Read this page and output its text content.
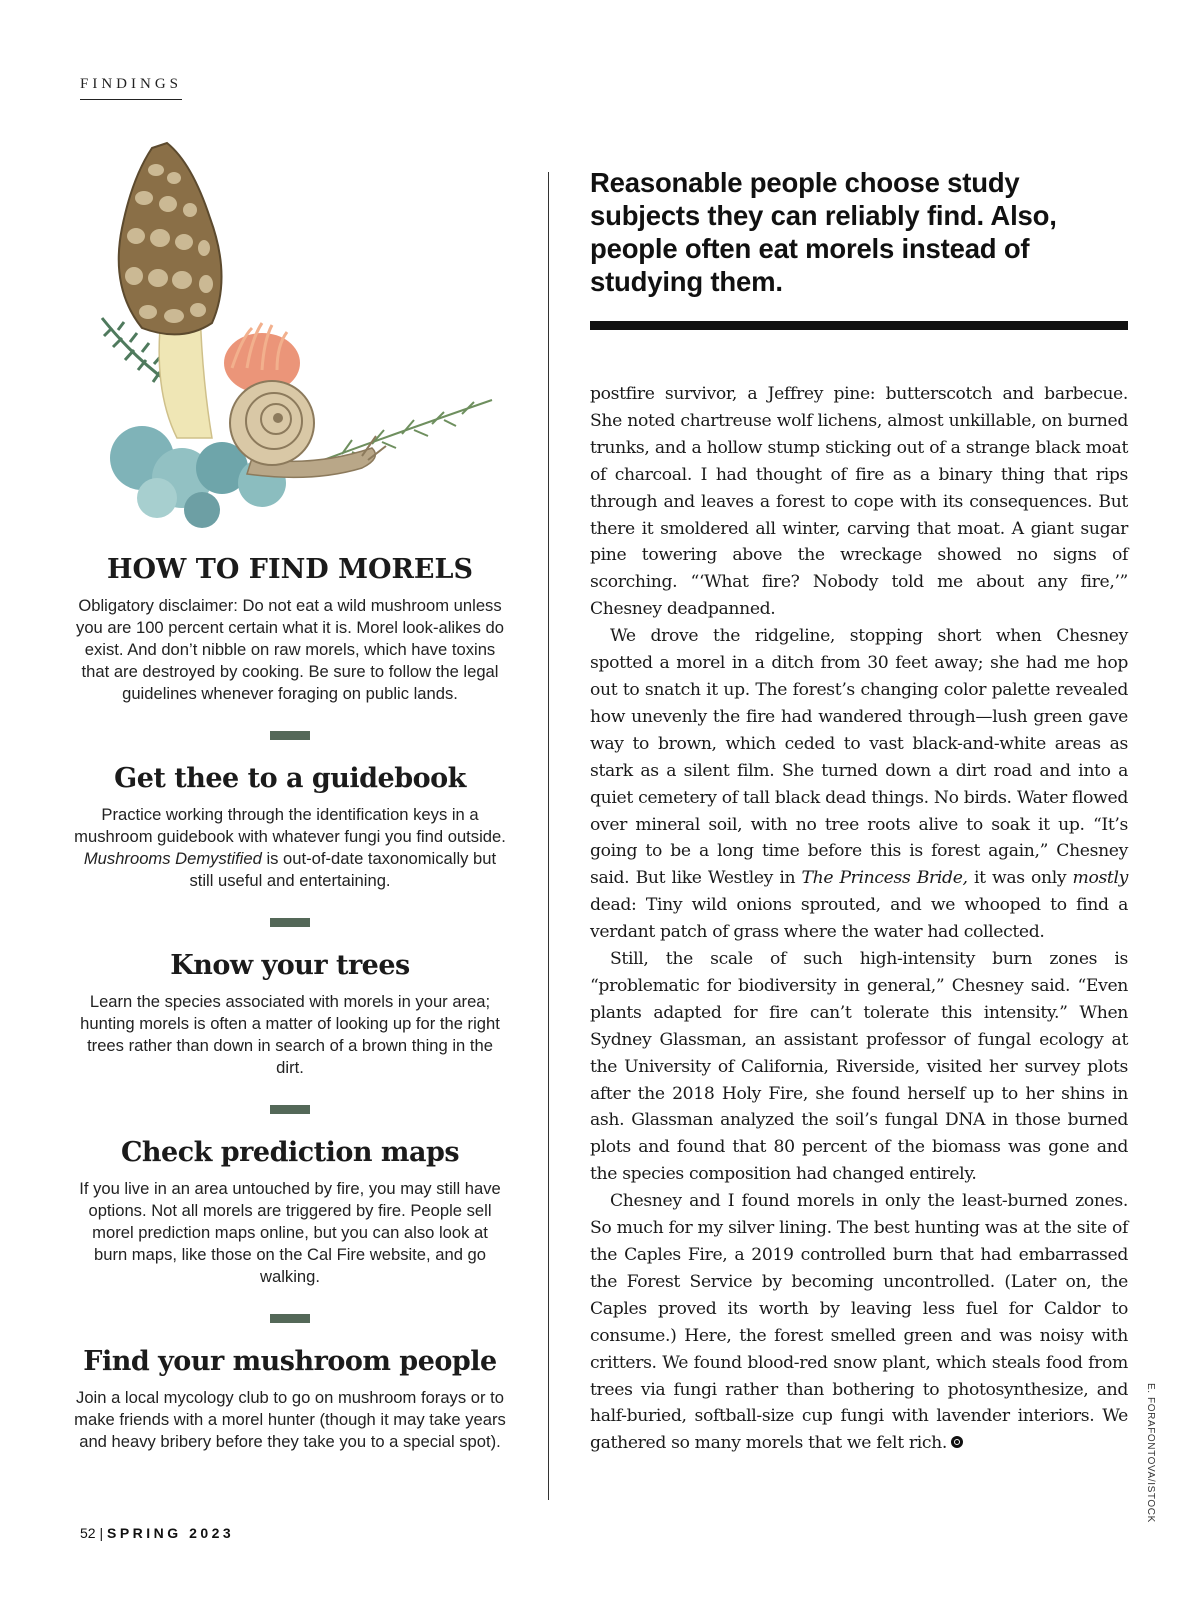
FINDINGS
HOW TO FIND MORELS

Obligatory disclaimer: Do not eat a wild mushroom unless you are 100 percent certain what it is. Morel look-alikes do exist. And don’t nibble on raw morels, which have toxins that are destroyed by cooking. Be sure to follow the legal guidelines whenever foraging on public lands.

Get thee to a guidebook

Practice working through the identification keys in a mushroom guidebook with whatever fungi you find outside. Mushrooms Demystified is out-of-date taxonomically but still useful and entertaining.

Know your trees

Learn the species associated with morels in your area; hunting morels is often a matter of looking up for the right trees rather than down in search of a brown thing in the dirt.

Check prediction maps

If you live in an area untouched by fire, you may still have options. Not all morels are triggered by fire. People sell morel prediction maps online, but you can also look at burn maps, like those on the Cal Fire website, and go walking.

Find your mushroom people

Join a local mycology club to go on mushroom forays or to make friends with a morel hunter (though it may take years and heavy bribery before they take you to a special spot).

Reasonable people choose study subjects they can reliably find. Also, people often eat morels instead of studying them.

postfire survivor, a Jeffrey pine: butterscotch and barbecue. She noted chartreuse wolf lichens, almost unkillable, on burned trunks, and a hollow stump sticking out of a strange black moat of charcoal. I had thought of fire as a binary thing that rips through and leaves a forest to cope with its consequences. But there it smoldered all winter, carving that moat. A giant sugar pine towering above the wreckage showed no signs of scorching. “‘What fire? Nobody told me about any fire,’” Chesney deadpanned.

We drove the ridgeline, stopping short when Chesney spotted a morel in a ditch from 30 feet away; she had me hop out to snatch it up. The forest’s changing color palette revealed how unevenly the fire had wandered through—lush green gave way to brown, which ceded to vast black-and-white areas as stark as a silent film. She turned down a dirt road and into a quiet cemetery of tall black dead things. No birds. Water flowed over mineral soil, with no tree roots alive to soak it up. “It’s going to be a long time before this is forest again,” Chesney said. But like Westley in The Princess Bride, it was only mostly dead: Tiny wild onions sprouted, and we whooped to find a verdant patch of grass where the water had collected.

Still, the scale of such high-intensity burn zones is “problematic for biodiversity in general,” Chesney said. “Even plants adapted for fire can’t tolerate this intensity.” When Sydney Glassman, an assistant professor of fungal ecology at the University of California, Riverside, visited her survey plots after the 2018 Holy Fire, she found herself up to her shins in ash. Glassman analyzed the soil’s fungal DNA in those burned plots and found that 80 percent of the biomass was gone and the species composition had changed entirely.

Chesney and I found morels in only the least-burned zones. So much for my silver lining. The best hunting was at the site of the Caples Fire, a 2019 controlled burn that had embarrassed the Forest Service by becoming uncontrolled. (Later on, the Caples proved its worth by leaving less fuel for Caldor to consume.) Here, the forest smelled green and was noisy with critters. We found blood-red snow plant, which steals food from trees via fungi rather than bothering to photosynthesize, and half-buried, softball-size cup fungi with lavender interiors. We gathered so many morels that we felt rich.

52 | SPRING 2023
E. FORAFONTOVA/ISTOCK
